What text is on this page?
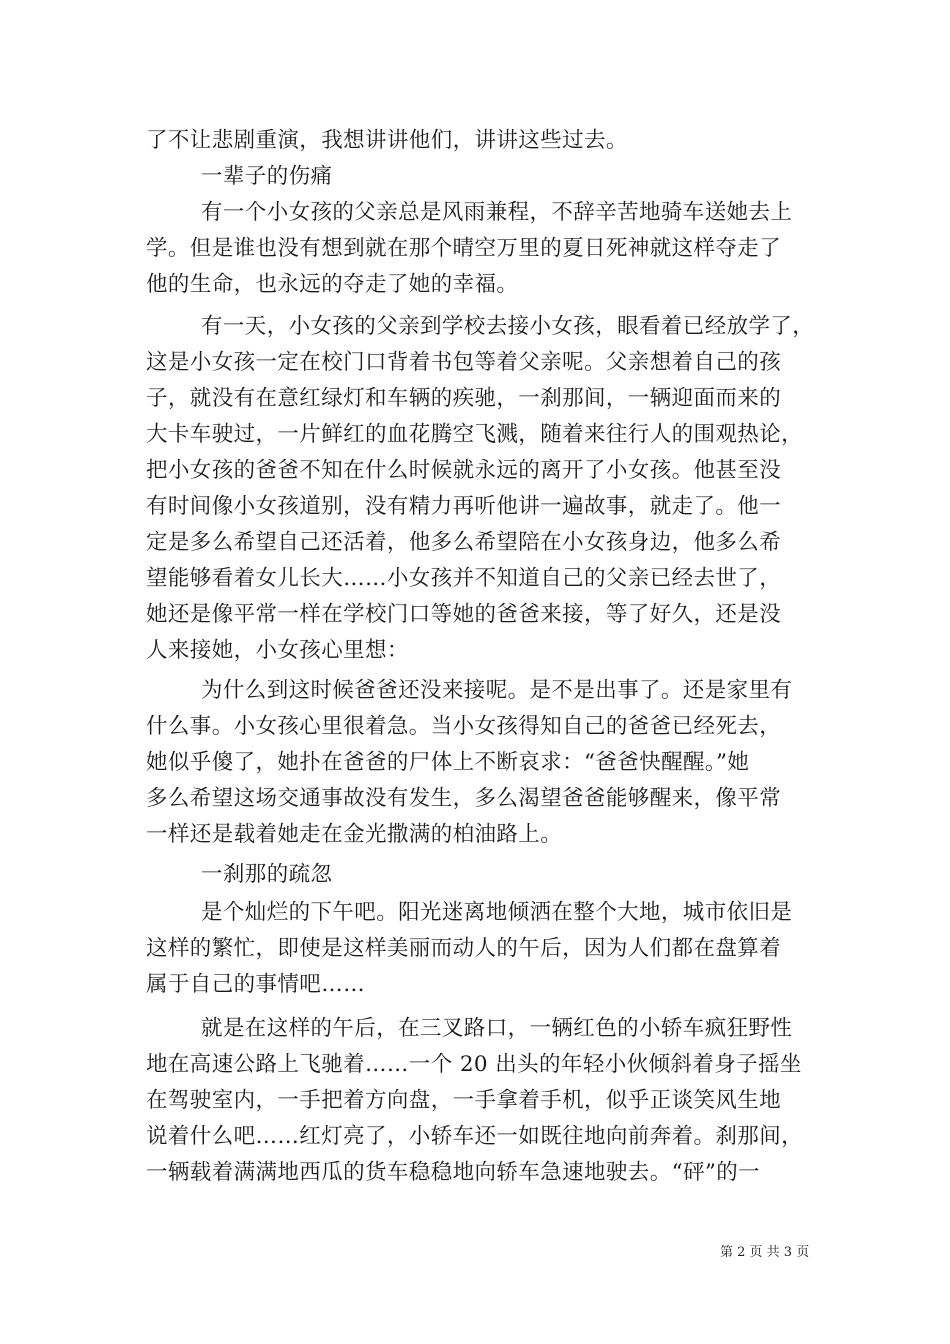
了不让悲剧重演，我想讲讲他们，讲讲这些过去。
一辈子的伤痛
有一个小女孩的父亲总是风雨兼程，不辞辛苦地骑车送她去上
学。但是谁也没有想到就在那个晴空万里的夏日死神就这样夺走了
他的生命，也永远的夺走了她的幸福。
有一天，小女孩的父亲到学校去接小女孩，眼看着已经放学了，
这是小女孩一定在校门口背着书包等着父亲呢。父亲想着自己的孩
子，就没有在意红绿灯和车辆的疾驰，一刹那间，一辆迎面而来的
大卡车驶过，一片鲜红的血花腾空飞溅，随着来往行人的围观热论，
把小女孩的爸爸不知在什么时候就永远的离开了小女孩。他甚至没
有时间像小女孩道别，没有精力再听他讲一遍故事，就走了。他一
定是多么希望自己还活着，他多么希望陪在小女孩身边，他多么希
望能够看着女儿长大……小女孩并不知道自己的父亲已经去世了，
她还是像平常一样在学校门口等她的爸爸来接，等了好久，还是没
人来接她，小女孩心里想：
为什么到这时候爸爸还没来接呢。是不是出事了。还是家里有
什么事。小女孩心里很着急。当小女孩得知自己的爸爸已经死去，
她似乎傻了，她扑在爸爸的尸体上不断哀求：“爸爸快醒醒。”她
多么希望这场交通事故没有发生，多么渴望爸爸能够醒来，像平常
一样还是载着她走在金光撒满的柏油路上。
一刹那的疏忽
是个灿烂的下午吧。阳光迷离地倾洒在整个大地，城市依旧是
这样的繁忙，即使是这样美丽而动人的午后，因为人们都在盘算着
属于自己的事情吧……
就是在这样的午后，在三叉路口，一辆红色的小轿车疯狂野性
地在高速公路上飞驰着……一个 20 出头的年轻小伙倾斜着身子摇坐
在驾驶室内，一手把着方向盘，一手拿着手机，似乎正谈笑风生地
说着什么吧……红灯亮了，小轿车还一如既往地向前奔着。刹那间，
一辆载着满满地西瓜的货车稳稳地向轿车急速地驶去。“砰”的一
第 2 页 共 3 页
